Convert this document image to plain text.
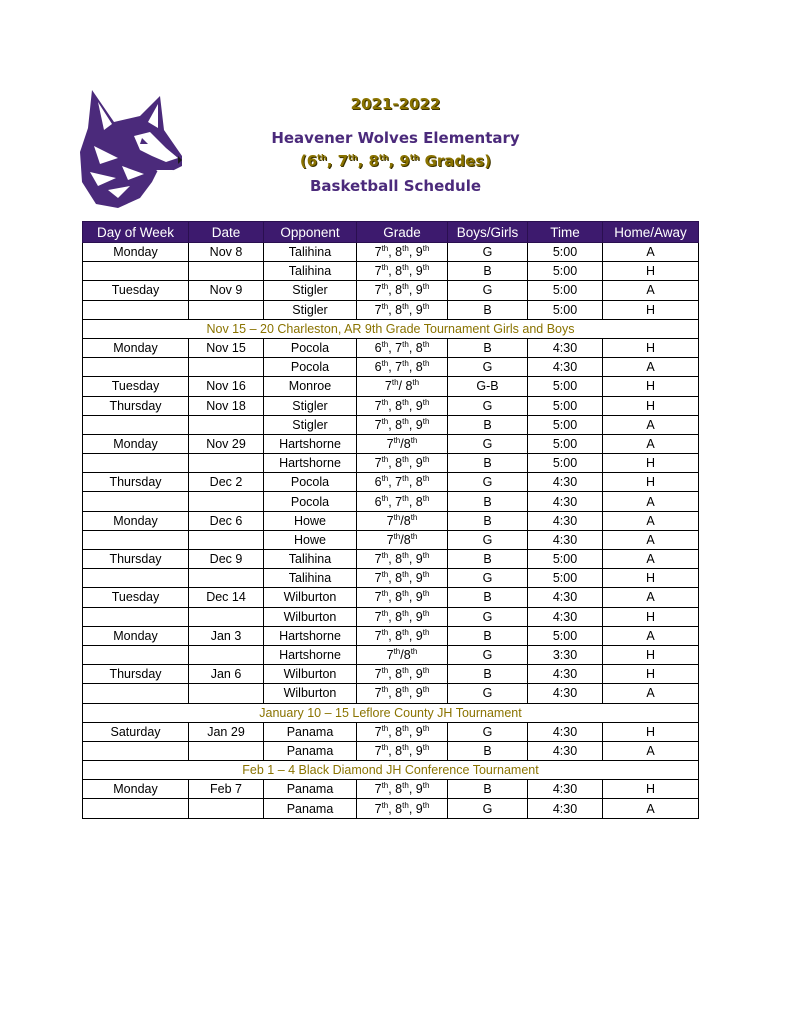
2021-2022
Heavener Wolves Elementary
(6th, 7th, 8th, 9th Grades)
Basketball Schedule
Day of Week	Date	Opponent	Grade	Boys/Girls	Time	Home/Away
Monday	Nov 8	Talihina	7th, 8th, 9th	G	5:00	A
		Talihina	7th, 8th, 9th	B	5:00	H
Tuesday	Nov 9	Stigler	7th, 8th, 9th	G	5:00	A
		Stigler	7th, 8th, 9th	B	5:00	H
Nov 15 – 20 Charleston, AR 9th Grade Tournament Girls and Boys						
Monday	Nov 15	Pocola	6th, 7th, 8th	B	4:30	H
		Pocola	6th, 7th, 8th	G	4:30	A
Tuesday	Nov 16	Monroe	7th/ 8th	G-B	5:00	H
Thursday	Nov 18	Stigler	7th, 8th, 9th	G	5:00	H
		Stigler	7th, 8th, 9th	B	5:00	A
Monday	Nov 29	Hartshorne	7th/8th	G	5:00	A
		Hartshorne	7th, 8th, 9th	B	5:00	H
Thursday	Dec 2	Pocola	6th, 7th, 8th	G	4:30	H
		Pocola	6th, 7th, 8th	B	4:30	A
Monday	Dec 6	Howe	7th/8th	B	4:30	A
		Howe	7th/8th	G	4:30	A
Thursday	Dec 9	Talihina	7th, 8th, 9th	B	5:00	A
		Talihina	7th, 8th, 9th	G	5:00	H
Tuesday	Dec 14	Wilburton	7th, 8th, 9th	B	4:30	A
		Wilburton	7th, 8th, 9th	G	4:30	H
Monday	Jan 3	Hartshorne	7th, 8th, 9th	B	5:00	A
		Hartshorne	7th/8th	G	3:30	H
Thursday	Jan 6	Wilburton	7th, 8th, 9th	B	4:30	H
		Wilburton	7th, 8th, 9th	G	4:30	A
January 10 – 15 Leflore County JH Tournament						
Saturday	Jan 29	Panama	7th, 8th, 9th	G	4:30	H
		Panama	7th, 8th, 9th	B	4:30	A
Feb 1 – 4 Black Diamond JH Conference Tournament						
Monday	Feb 7	Panama	7th, 8th, 9th	B	4:30	H
		Panama	7th, 8th, 9th	G	4:30	A
